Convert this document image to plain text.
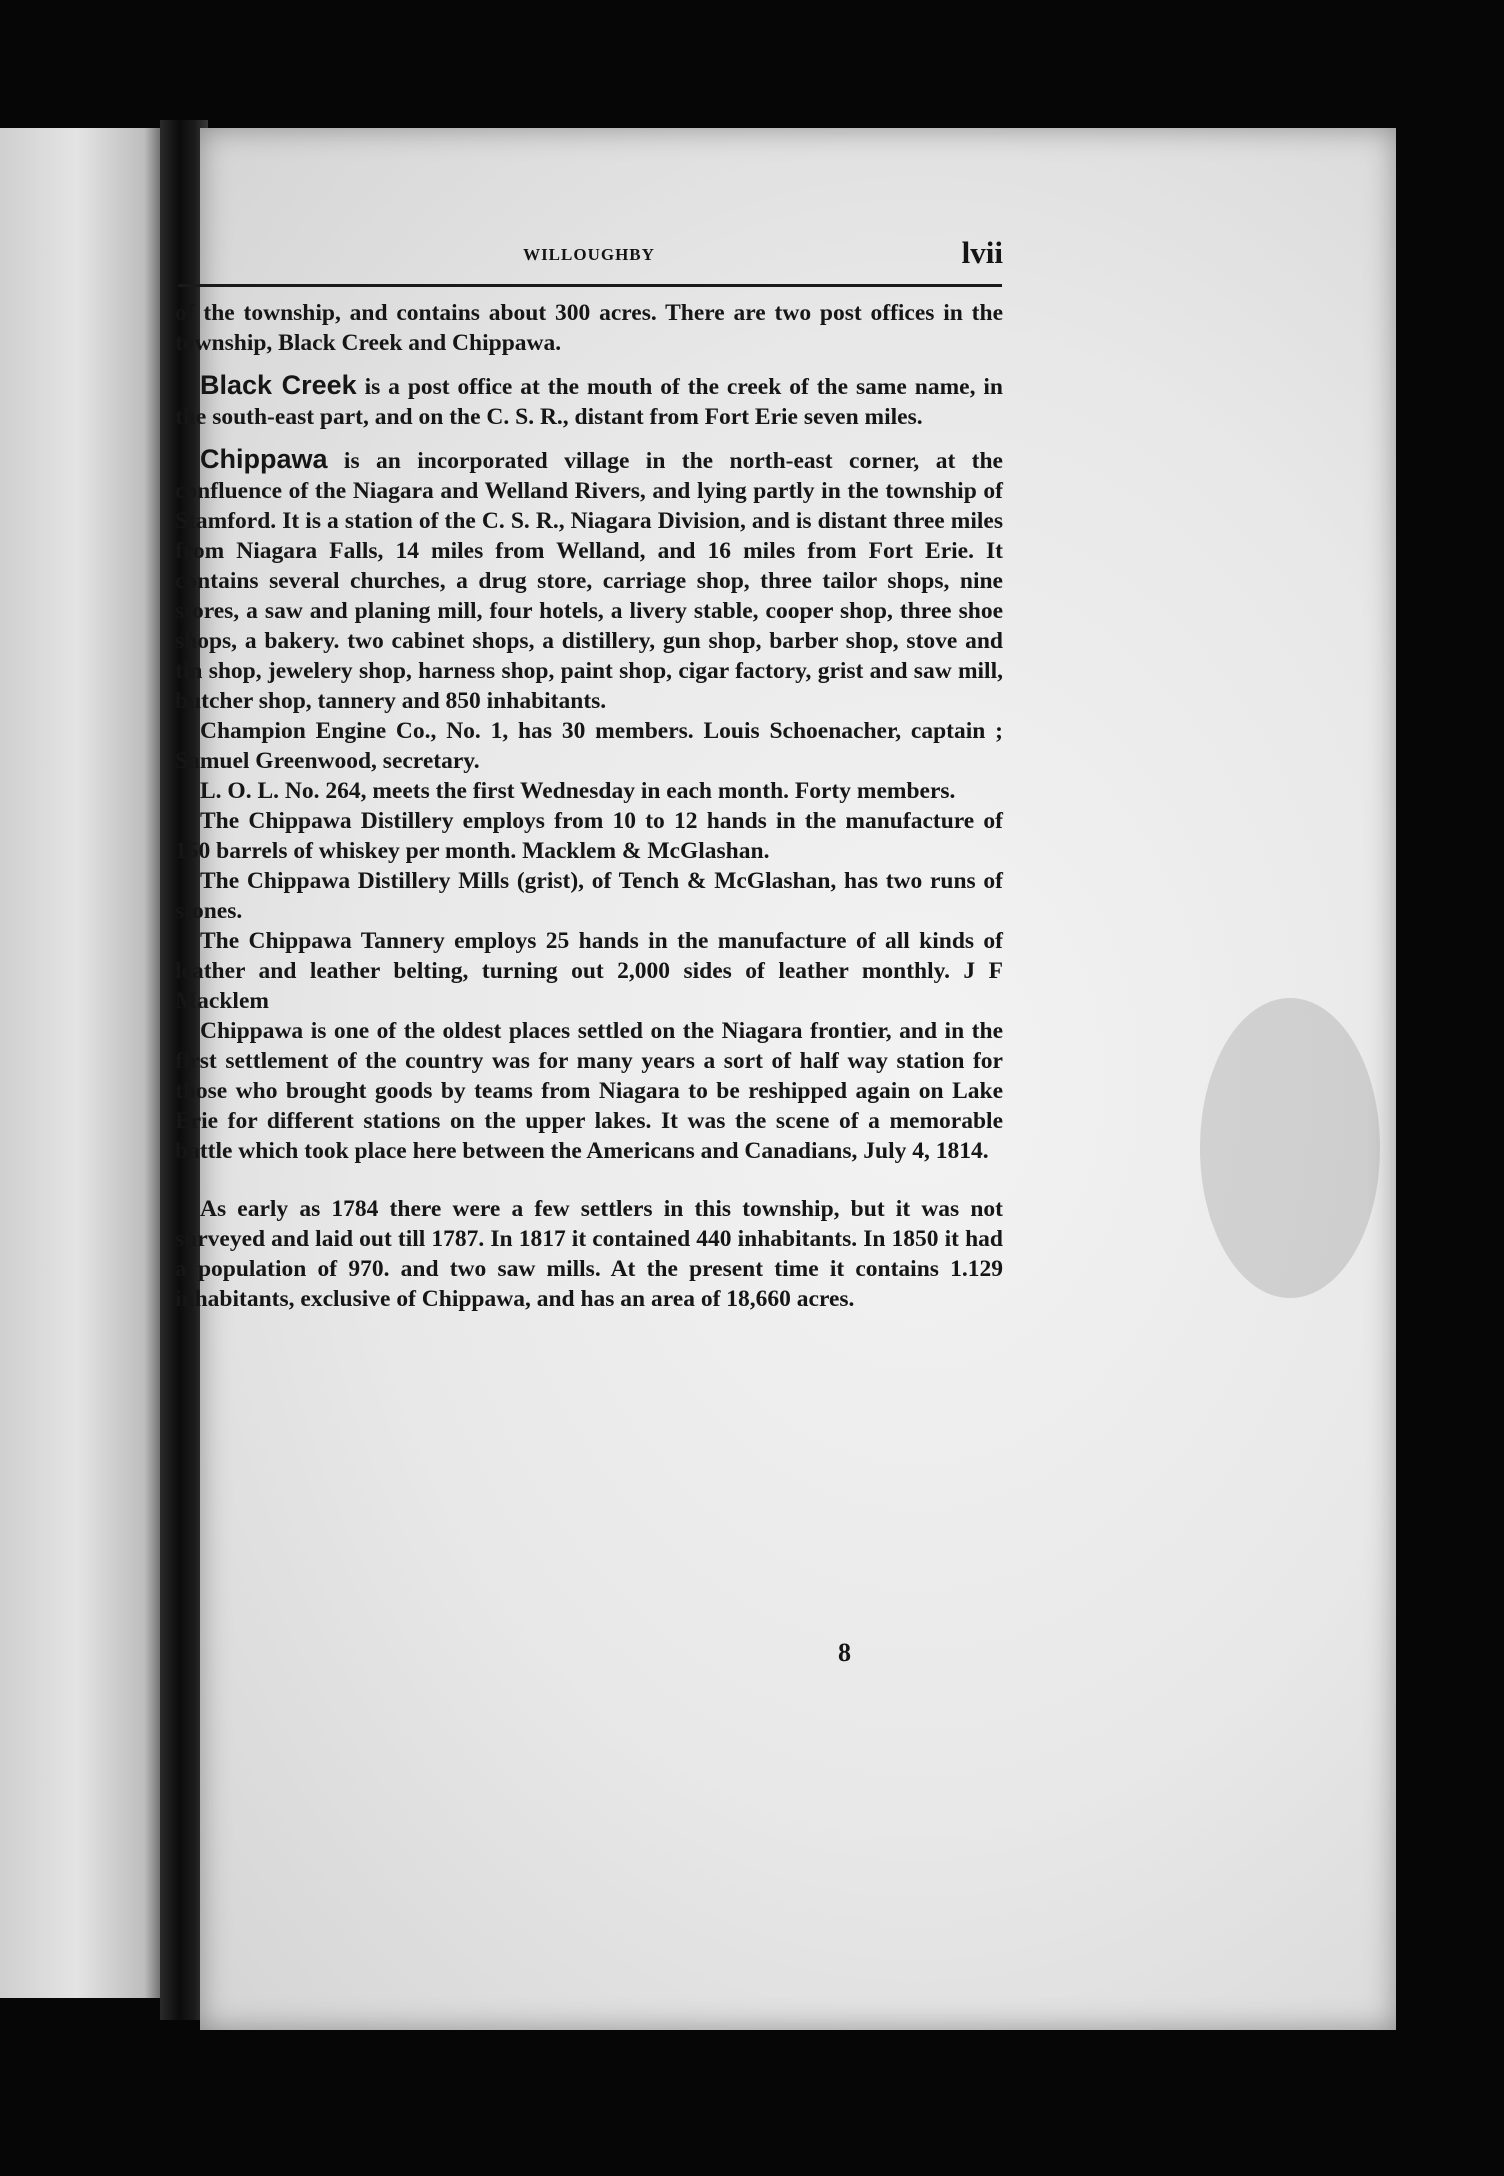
WILLOUGHBY	lvii

of the township, and contains about 300 acres. There are two post offices in the township, Black Creek and Chippawa.

Black Creek is a post office at the mouth of the creek of the same name, in the south-east part, and on the C. S. R., distant from Fort Erie seven miles.

Chippawa is an incorporated village in the north-east corner, at the confluence of the Niagara and Welland Rivers, and lying partly in the township of Stamford. It is a station of the C. S. R., Niagara Division, and is distant three miles from Niagara Falls, 14 miles from Welland, and 16 miles from Fort Erie. It contains several churches, a drug store, carriage shop, three tailor shops, nine stores, a saw and planing mill, four hotels, a livery stable, cooper shop, three shoe shops, a bakery. two cabinet shops, a distillery, gun shop, barber shop, stove and tin shop, jewelery shop, harness shop, paint shop, cigar factory, grist and saw mill, butcher shop, tannery and 850 inhabitants.

Champion Engine Co., No. 1, has 30 members. Louis Schoenacher, captain ; Samuel Greenwood, secretary.

L. O. L. No. 264, meets the first Wednesday in each month. Forty members.

The Chippawa Distillery employs from 10 to 12 hands in the manufacture of 150 barrels of whiskey per month. Macklem & McGlashan.

The Chippawa Distillery Mills (grist), of Tench & McGlashan, has two runs of stones.

The Chippawa Tannery employs 25 hands in the manufacture of all kinds of leather and leather belting, turning out 2,000 sides of leather monthly. J F Macklem

Chippawa is one of the oldest places settled on the Niagara frontier, and in the first settlement of the country was for many years a sort of half way station for those who brought goods by teams from Niagara to be reshipped again on Lake Erie for different stations on the upper lakes. It was the scene of a memorable battle which took place here between the Americans and Canadians, July 4, 1814.

As early as 1784 there were a few settlers in this township, but it was not surveyed and laid out till 1787. In 1817 it contained 440 inhabitants. In 1850 it had a population of 970. and two saw mills. At the present time it contains 1.129 inhabitants, exclusive of Chippawa, and has an area of 18,660 acres.

8
